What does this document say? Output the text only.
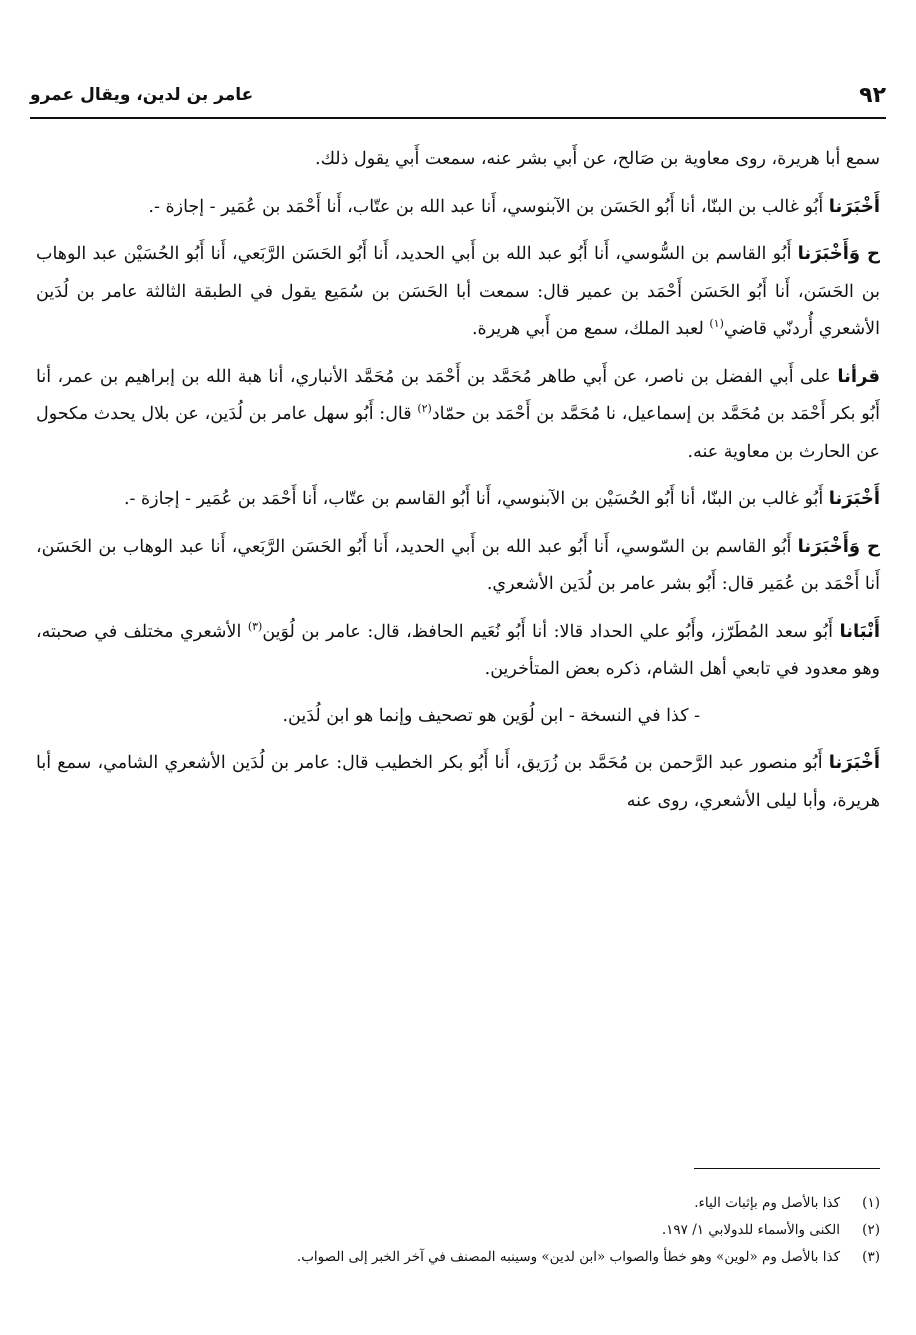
٩٢
عامر بن لدين، ويقال عمرو

سمع أبا هريرة، روى معاوية بن صَالح، عن أَبي بشر عنه، سمعت أَبي يقول ذلك.

أَخْبَرَنا أَبُو غالب بن البنّا، أنا أَبُو الحَسَن بن الآبنوسي، أَنا عبد الله بن عتّاب، أَنا أَحْمَد بن عُمَير - إجازة -.

ح وَأَخْبَرَنا أَبُو القاسم بن السُّوسي، أَنا أَبُو عبد الله بن أَبي الحديد، أَنا أَبُو الحَسَن الرَّبَعي، أَنا أَبُو الحُسَيْن عبد الوهاب بن الحَسَن، أَنا أَبُو الحَسَن أَحْمَد بن عمير قال: سمعت أبا الحَسَن بن سُمَيع يقول في الطبقة الثالثة عامر بن لُدَين الأشعري أُردنّي قاضي$^{(١)}$ لعبد الملك، سمع من أَبي هريرة.

قرأنا على أَبي الفضل بن ناصر، عن أَبي طاهر مُحَمَّد بن أَحْمَد بن مُحَمَّد الأنباري، أنا هبة الله بن إبراهيم بن عمر، أنا أَبُو بكر أَحْمَد بن مُحَمَّد بن إسماعيل، نا مُحَمَّد بن أَحْمَد بن حمّاد$^{(٢)}$ قال: أَبُو سهل عامر بن لُدَين، عن بلال يحدث مكحول عن الحارث بن معاوية عنه.

أَخْبَرَنا أَبُو غالب بن البنّا، أنا أَبُو الحُسَيْن بن الآبنوسي، أَنا أَبُو القاسم بن عتّاب، أَنا أَحْمَد بن عُمَير - إجازة -.

ح وَأَخْبَرَنا أَبُو القاسم بن السّوسي، أَنا أَبُو عبد الله بن أَبي الحديد، أَنا أَبُو الحَسَن الرَّبَعي، أَنا عبد الوهاب بن الحَسَن، أَنا أَحْمَد بن عُمَير قال: أَبُو بشر عامر بن لُدَين الأشعري.

أَنْبَانا أَبُو سعد المُطَرّز، وأَبُو علي الحداد قالا: أنا أَبُو نُعَيم الحافظ، قال: عامر بن لُوَين$^{(٣)}$ الأشعري مختلف في صحبته، وهو معدود في تابعي أهل الشام، ذكره بعض المتأخرين.

- كذا في النسخة - ابن لُوَين هو تصحيف وإنما هو ابن لُدَين.

أَخْبَرَنا أَبُو منصور عبد الرَّحمن بن مُحَمَّد بن زُرَيق، أَنا أَبُو بكر الخطيب قال: عامر بن لُدَين الأشعري الشامي، سمع أبا هريرة، وأبا ليلى الأشعري، روى عنه

(١)
كذا بالأصل وم بإثبات الياء.
(٢)
الكنى والأسماء للدولابي ١/ ١٩٧.
(٣)
كذا بالأصل وم «لوين» وهو خطأ والصواب «ابن لدين» وسينبه المصنف في آخر الخبر إلى الصواب.
